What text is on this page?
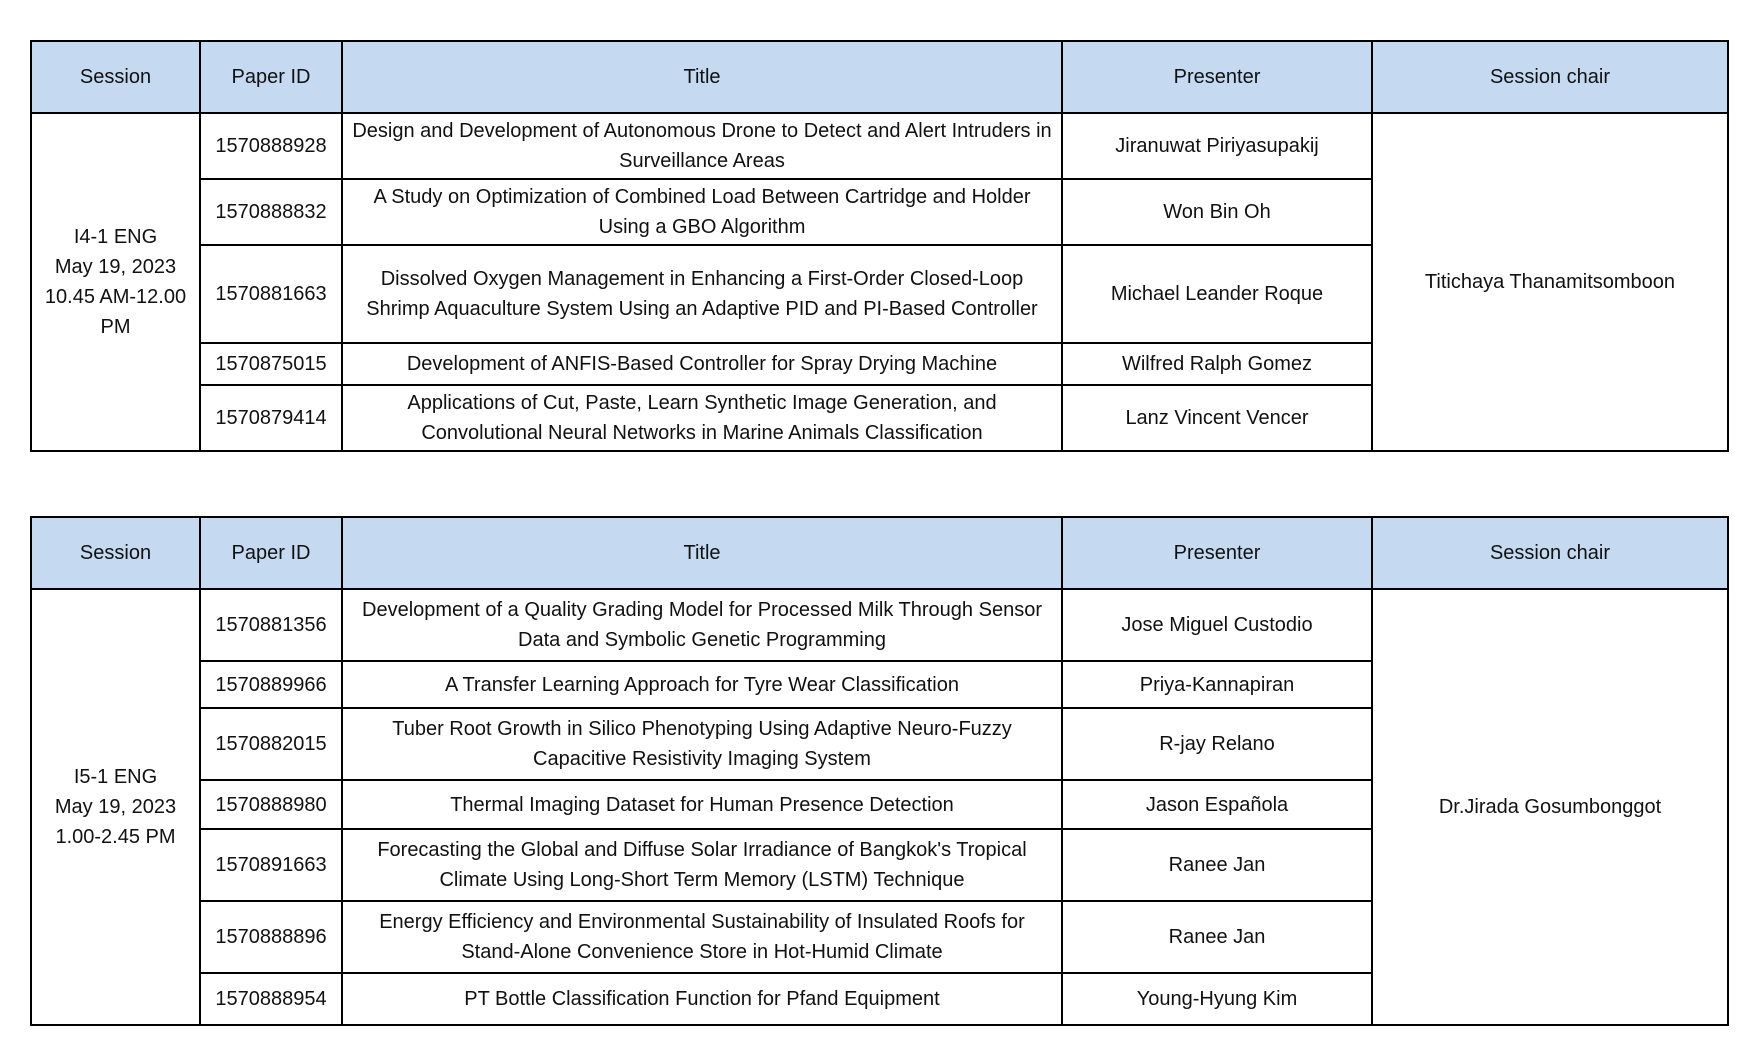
Session	Paper ID	Title	Presenter	Session chair

I4-1 ENG
May 19, 2023
10.45 AM-12.00
PM	1570888928	Design and Development of Autonomous Drone to Detect and Alert Intruders in Surveillance Areas	Jiranuwat Piriyasupakij	Titichaya Thanamitsomboon
	1570888832	A Study on Optimization of Combined Load Between Cartridge and Holder Using a GBO Algorithm	Won Bin Oh	
	1570881663	Dissolved Oxygen Management in Enhancing a First-Order Closed-Loop Shrimp Aquaculture System Using an Adaptive PID and PI-Based Controller	Michael Leander Roque	
	1570875015	Development of ANFIS-Based Controller for Spray Drying Machine	Wilfred Ralph Gomez	
	1570879414	Applications of Cut, Paste, Learn Synthetic Image Generation, and Convolutional Neural Networks in Marine Animals Classification	Lanz Vincent Vencer	
Session	Paper ID	Title	Presenter	Session chair

I5-1 ENG
May 19, 2023
1.00-2.45 PM	1570881356	Development of a Quality Grading Model for Processed Milk Through Sensor Data and Symbolic Genetic Programming	Jose Miguel Custodio	Dr.Jirada Gosumbonggot
	1570889966	A Transfer Learning Approach for Tyre Wear Classification	Priya-Kannapiran	
	1570882015	Tuber Root Growth in Silico Phenotyping Using Adaptive Neuro-Fuzzy Capacitive Resistivity Imaging System	R-jay Relano	
	1570888980	Thermal Imaging Dataset for Human Presence Detection	Jason Española	
	1570891663	Forecasting the Global and Diffuse Solar Irradiance of Bangkok's Tropical Climate Using Long-Short Term Memory (LSTM) Technique	Ranee Jan	
	1570888896	Energy Efficiency and Environmental Sustainability of Insulated Roofs for Stand-Alone Convenience Store in Hot-Humid Climate	Ranee Jan	
	1570888954	PT Bottle Classification Function for Pfand Equipment	Young-Hyung Kim	
